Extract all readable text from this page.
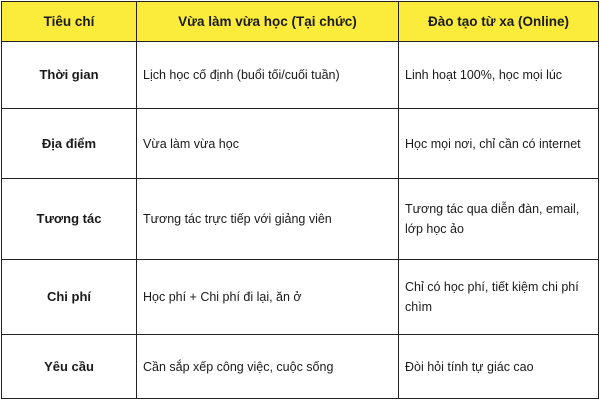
Tiêu chí	Vừa làm vừa học (Tại chức)	Đào tạo từ xa (Online)
Thời gian	Lịch học cố định (buổi tối/cuối tuần)	Linh hoạt 100%, học mọi lúc
Địa điểm	Vừa làm vừa học	Học mọi nơi, chỉ cần có internet
Tương tác	Tương tác trực tiếp với giảng viên	Tương tác qua diễn đàn, email, lớp học ảo
Chi phí	Học phí + Chi phí đi lại, ăn ở	Chỉ có học phí, tiết kiệm chi phí chìm
Yêu cầu	Cần sắp xếp công việc, cuộc sống	Đòi hỏi tính tự giác cao
